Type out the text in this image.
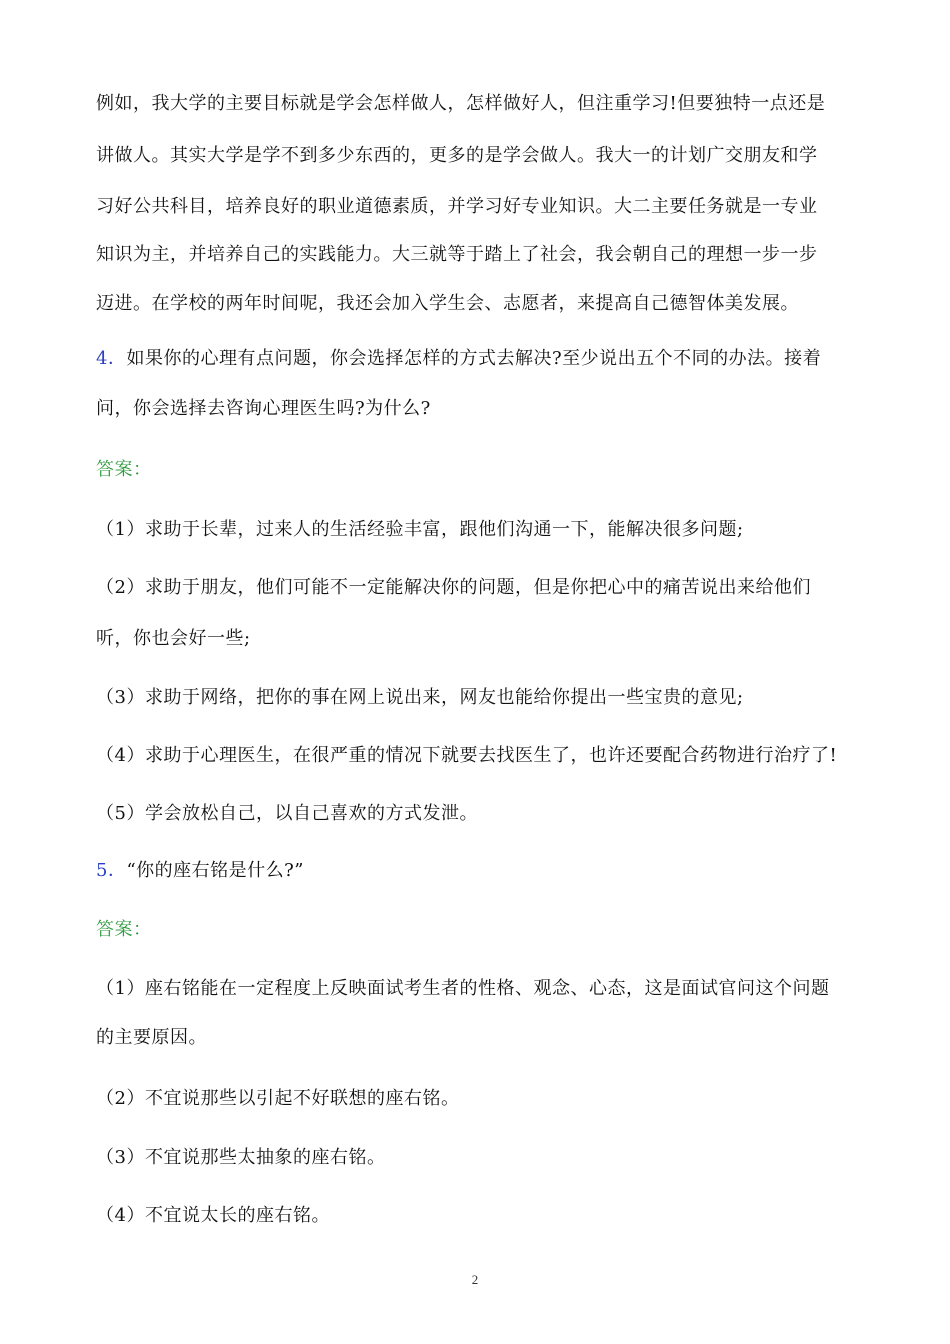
例如，我大学的主要目标就是学会怎样做人，怎样做好人，但注重学习!但要独特一点还是
讲做人。其实大学是学不到多少东西的，更多的是学会做人。我大一的计划广交朋友和学
习好公共科目，培养良好的职业道德素质，并学习好专业知识。大二主要任务就是一专业
知识为主，并培养自己的实践能力。大三就等于踏上了社会，我会朝自己的理想一步一步
迈进。在学校的两年时间呢，我还会加入学生会、志愿者，来提高自己德智体美发展。
4．如果你的心理有点问题，你会选择怎样的方式去解决?至少说出五个不同的办法。接着
问，你会选择去咨询心理医生吗?为什么?
答案：
（1）求助于长辈，过来人的生活经验丰富，跟他们沟通一下，能解决很多问题;
（2）求助于朋友，他们可能不一定能解决你的问题，但是你把心中的痛苦说出来给他们
听，你也会好一些;
（3）求助于网络，把你的事在网上说出来，网友也能给你提出一些宝贵的意见;
（4）求助于心理医生，在很严重的情况下就要去找医生了，也许还要配合药物进行治疗了!
（5）学会放松自己，以自己喜欢的方式发泄。
5．“你的座右铭是什么?”
答案：
（1）座右铭能在一定程度上反映面试考生者的性格、观念、心态，这是面试官问这个问题
的主要原因。
（2）不宜说那些以引起不好联想的座右铭。
（3）不宜说那些太抽象的座右铭。
（4）不宜说太长的座右铭。
2
